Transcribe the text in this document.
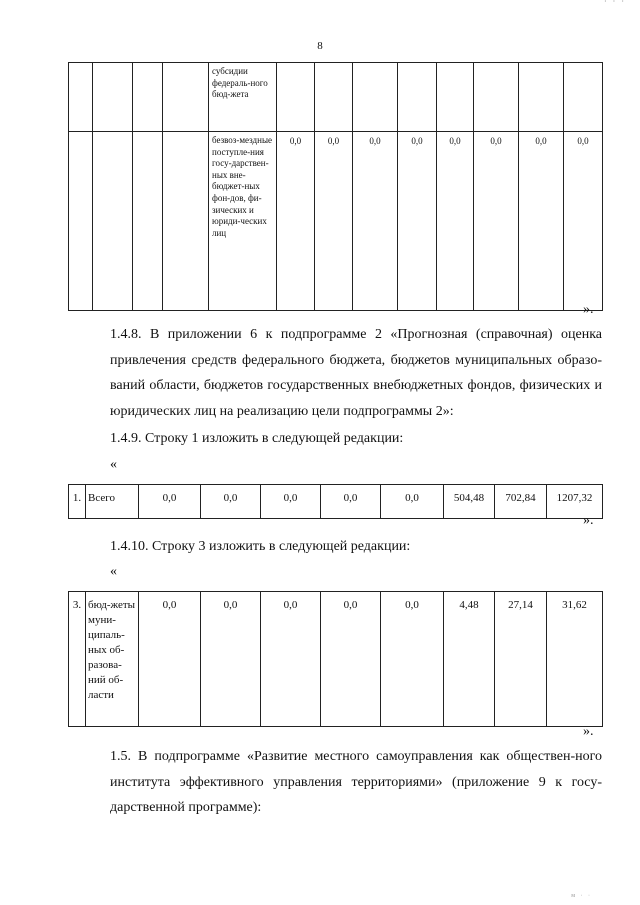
· · ·
8
				субсидии федераль-ного бюд-жета								
				безвоз-мездные поступле-ния госу-дарствен-ных вне-бюджет-ных фон-дов, фи-зических и юриди-ческих лиц	0,0	0,0	0,0	0,0	0,0	0,0	0,0	0,0
».
1.4.8. В приложении 6 к подпрограмме 2 «Прогнозная (справочная) оценка привлечения средств федерального бюджета, бюджетов муниципальных образо-ваний области, бюджетов государственных внебюджетных фондов, физических и юридических лиц на реализацию цели подпрограммы 2»:
1.4.9. Строку 1 изложить в следующей редакции:
«
1.	Всего	0,0	0,0	0,0	0,0	0,0	504,48	702,84	1207,32
».
1.4.10. Строку 3 изложить в следующей редакции:
«
3.	бюд-жеты муни-ципаль-ных об-разова-ний об-ласти	0,0	0,0	0,0	0,0	0,0	4,48	27,14	31,62
».
1.5. В подпрограмме «Развитие местного самоуправления как обществен-ного института эффективного управления территориями» (приложение 9 к госу-дарственной программе):
м · ·
